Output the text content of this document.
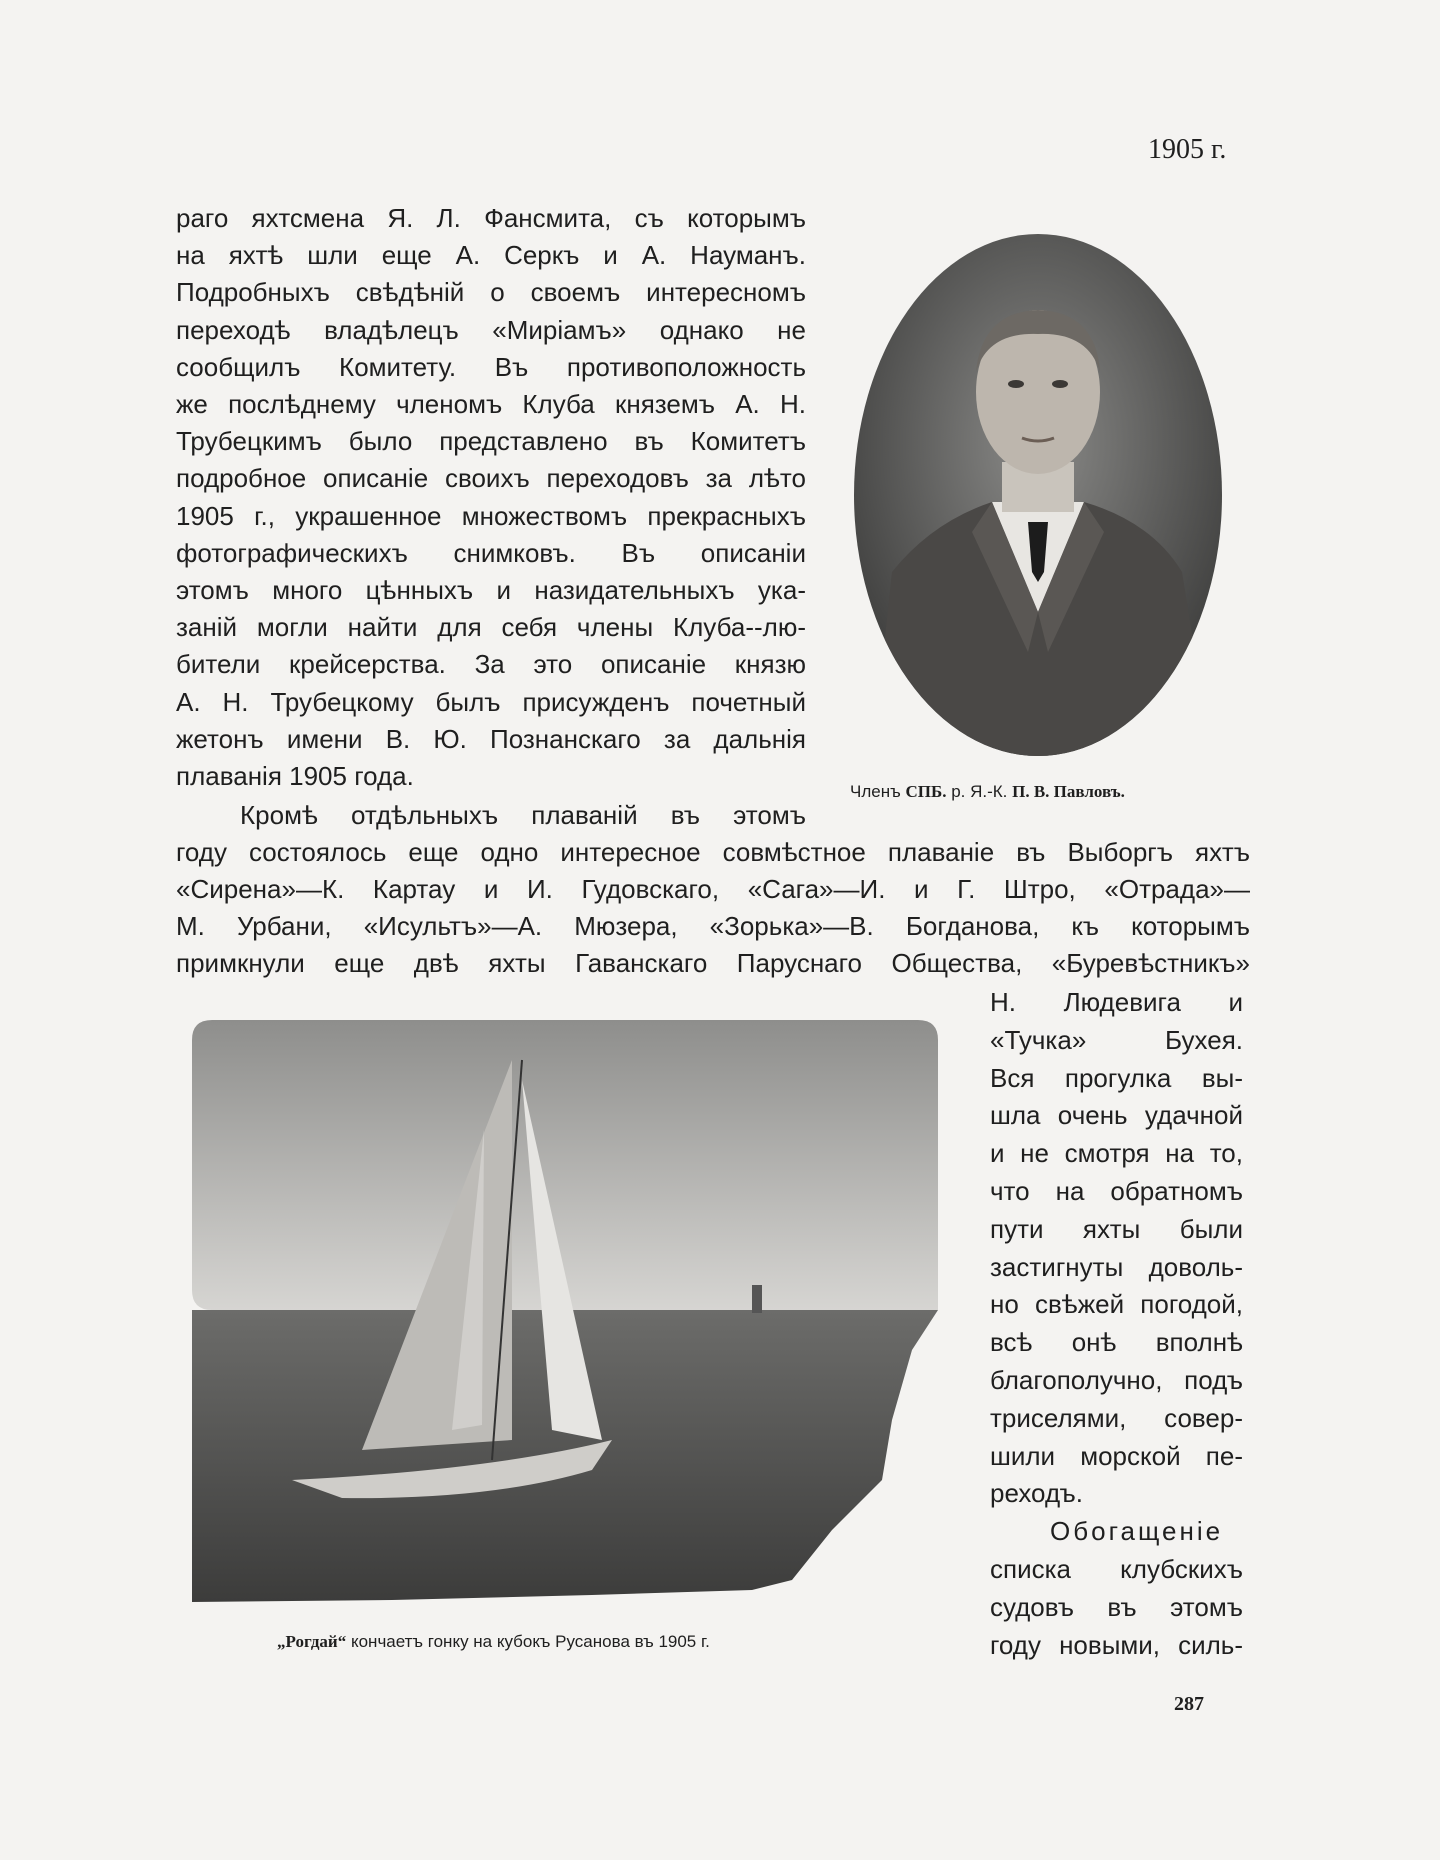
1905 г.
раго яхтсмена Я. Л. Фансмита, съ которымъ
на яхтѣ шли еще А. Серкъ и А. Науманъ.
Подробныхъ свѣдѣній о своемъ интересномъ
переходѣ владѣлецъ «Миріамъ» однако не
сообщилъ Комитету. Въ противоположность
же послѣднему членомъ Клуба княземъ А. Н.
Трубецкимъ было представлено въ Комитетъ
подробное описаніе своихъ переходовъ за лѣто
1905 г., украшенное множествомъ прекрасныхъ
фотографическихъ снимковъ. Въ описаніи
этомъ много цѣнныхъ и назидательныхъ ука-
заній могли найти для себя члены Клуба--лю-
бители крейсерства. За это описаніе князю
А. Н. Трубецкому былъ присужденъ почетный
жетонъ имени В. Ю. Познанскаго за дальнія
плаванія 1905 года.
Кромѣ отдѣльныхъ плаваній въ этомъ
году состоялось еще одно интересное совмѣстное плаваніе въ Выборгъ яхтъ
«Сирена»—К. Картау и И. Гудовскаго, «Сага»—И. и Г. Штро, «Отрада»—
М. Урбани, «Исультъ»—А. Мюзера, «Зорька»—В. Богданова, къ которымъ
примкнули еще двѣ яхты Гаванскаго Паруснаго Общества, «Буревѣстникъ»
Н. Людевига и
«Тучка» Бухея.
Вся прогулка вы-
шла очень удачной
и не смотря на то,
что на обратномъ
пути яхты были
застигнуты доволь-
но свѣжей погодой,
всѣ онѣ вполнѣ
благополучно, подъ
триселями, совер-
шили морской пе-
реходъ.
Обогащеніе
списка клубскихъ
судовъ въ этомъ
году новыми, силь-
Членъ СПБ. р. Я.-К. П. В. Павловъ.
„Рогдай“ кончаетъ гонку на кубокъ Русанова въ 1905 г.
287
